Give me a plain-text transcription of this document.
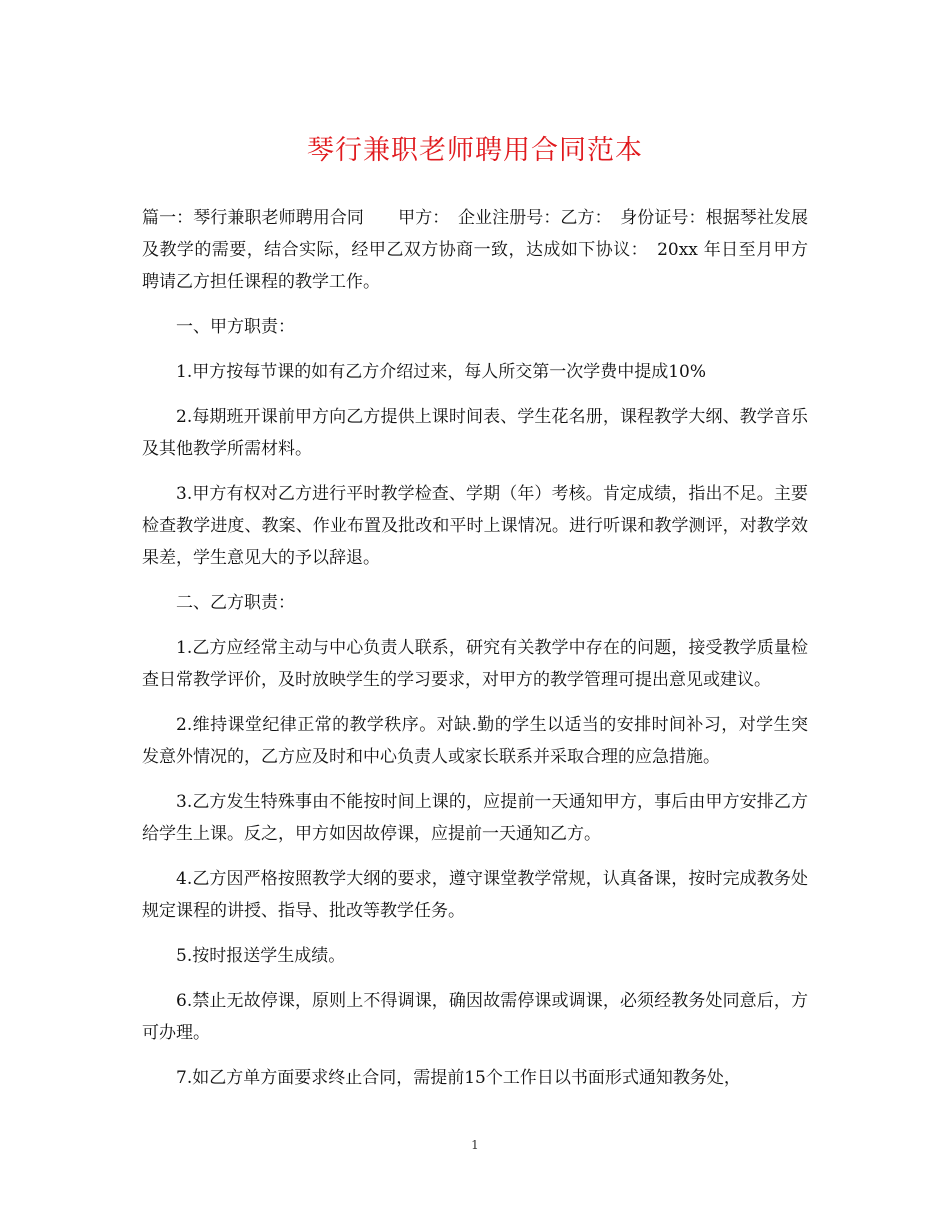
琴行兼职老师聘用合同范本

篇一：琴行兼职老师聘用合同　　甲方：　企业注册号：乙方：　身份证号：根据琴社发展及教学的需要，结合实际，经甲乙双方协商一致，达成如下协议：　20xx 年日至月甲方聘请乙方担任课程的教学工作。

一、甲方职责：

1.甲方按每节课的如有乙方介绍过来，每人所交第一次学费中提成10%

2.每期班开课前甲方向乙方提供上课时间表、学生花名册，课程教学大纲、教学音乐及其他教学所需材料。

3.甲方有权对乙方进行平时教学检查、学期（年）考核。肯定成绩，指出不足。主要检查教学进度、教案、作业布置及批改和平时上课情况。进行听课和教学测评，对教学效果差，学生意见大的予以辞退。

二、乙方职责：

1.乙方应经常主动与中心负责人联系，研究有关教学中存在的问题，接受教学质量检查日常教学评价，及时放映学生的学习要求，对甲方的教学管理可提出意见或建议。

2.维持课堂纪律正常的教学秩序。对缺.勤的学生以适当的安排时间补习，对学生突发意外情况的，乙方应及时和中心负责人或家长联系并采取合理的应急措施。

3.乙方发生特殊事由不能按时间上课的，应提前一天通知甲方，事后由甲方安排乙方给学生上课。反之，甲方如因故停课，应提前一天通知乙方。

4.乙方因严格按照教学大纲的要求，遵守课堂教学常规，认真备课，按时完成教务处规定课程的讲授、指导、批改等教学任务。

5.按时报送学生成绩。

6.禁止无故停课，原则上不得调课，确因故需停课或调课，必须经教务处同意后，方可办理。

7.如乙方单方面要求终止合同，需提前15个工作日以书面形式通知教务处，

1
